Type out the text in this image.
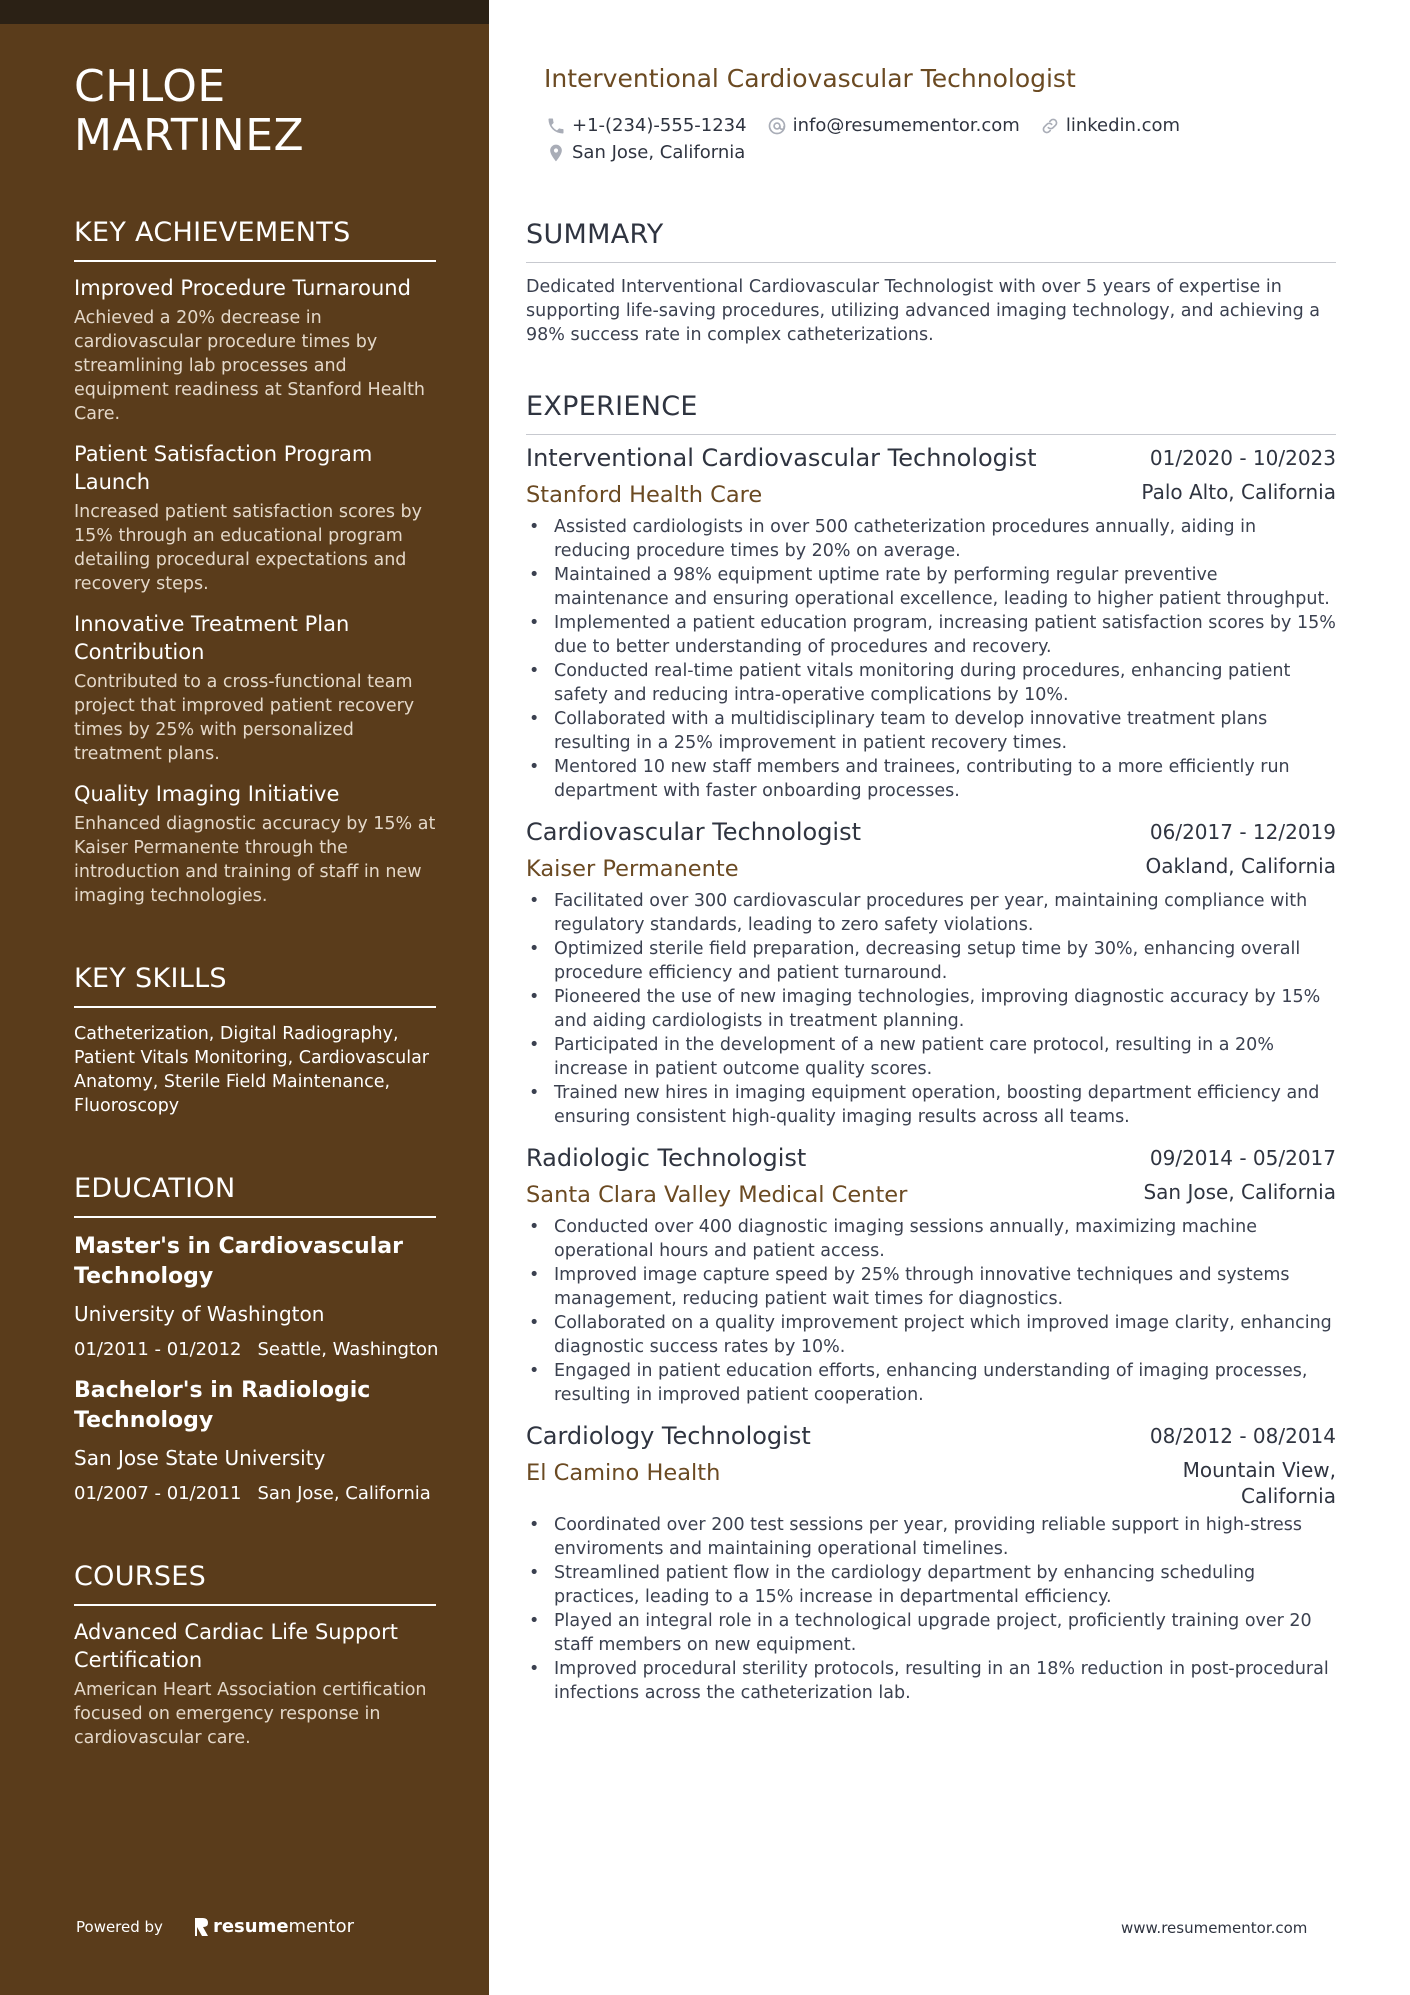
CHLOE
MARTINEZ
KEY ACHIEVEMENTS
Improved Procedure Turnaround
Achieved a 20% decrease in cardiovascular procedure times by streamlining lab processes and equipment readiness at Stanford Health Care.
Patient Satisfaction Program Launch
Increased patient satisfaction scores by 15% through an educational program detailing procedural expectations and recovery steps.
Innovative Treatment Plan Contribution
Contributed to a cross-functional team project that improved patient recovery times by 25% with personalized treatment plans.
Quality Imaging Initiative
Enhanced diagnostic accuracy by 15% at Kaiser Permanente through the introduction and training of staff in new imaging technologies.
KEY SKILLS
Catheterization, Digital Radiography, Patient Vitals Monitoring, Cardiovascular Anatomy, Sterile Field Maintenance, Fluoroscopy
EDUCATION
Master's in Cardiovascular Technology
University of Washington
01/2011 - 01/2012 Seattle, Washington
Bachelor's in Radiologic Technology
San Jose State University
01/2007 - 01/2011 San Jose, California
COURSES
Advanced Cardiac Life Support Certification
American Heart Association certification focused on emergency response in cardiovascular care.
Powered by	resumementor
Interventional Cardiovascular Technologist
+1-(234)-555-1234	info@resumementor.com	linkedin.com
San Jose, California
SUMMARY

Dedicated Interventional Cardiovascular Technologist with over 5 years of expertise in supporting life-saving procedures, utilizing advanced imaging technology, and achieving a 98% success rate in complex catheterizations.

EXPERIENCE
Interventional Cardiovascular Technologist	01/2020 - 10/2023
Stanford Health Care	Palo Alto, California
• Assisted cardiologists in over 500 catheterization procedures annually, aiding in reducing procedure times by 20% on average.
• Maintained a 98% equipment uptime rate by performing regular preventive maintenance and ensuring operational excellence, leading to higher patient throughput.
• Implemented a patient education program, increasing patient satisfaction scores by 15% due to better understanding of procedures and recovery.
• Conducted real-time patient vitals monitoring during procedures, enhancing patient safety and reducing intra-operative complications by 10%.
• Collaborated with a multidisciplinary team to develop innovative treatment plans resulting in a 25% improvement in patient recovery times.
• Mentored 10 new staff members and trainees, contributing to a more efficiently run department with faster onboarding processes.
Cardiovascular Technologist	06/2017 - 12/2019
Kaiser Permanente	Oakland, California
• Facilitated over 300 cardiovascular procedures per year, maintaining compliance with regulatory standards, leading to zero safety violations.
• Optimized sterile field preparation, decreasing setup time by 30%, enhancing overall procedure efficiency and patient turnaround.
• Pioneered the use of new imaging technologies, improving diagnostic accuracy by 15% and aiding cardiologists in treatment planning.
• Participated in the development of a new patient care protocol, resulting in a 20% increase in patient outcome quality scores.
• Trained new hires in imaging equipment operation, boosting department efficiency and ensuring consistent high-quality imaging results across all teams.
Radiologic Technologist	09/2014 - 05/2017
Santa Clara Valley Medical Center	San Jose, California
• Conducted over 400 diagnostic imaging sessions annually, maximizing machine operational hours and patient access.
• Improved image capture speed by 25% through innovative techniques and systems management, reducing patient wait times for diagnostics.
• Collaborated on a quality improvement project which improved image clarity, enhancing diagnostic success rates by 10%.
• Engaged in patient education efforts, enhancing understanding of imaging processes, resulting in improved patient cooperation.
Cardiology Technologist	08/2012 - 08/2014
El Camino Health	Mountain View, California
• Coordinated over 200 test sessions per year, providing reliable support in high-stress enviroments and maintaining operational timelines.
• Streamlined patient flow in the cardiology department by enhancing scheduling practices, leading to a 15% increase in departmental efficiency.
• Played an integral role in a technological upgrade project, proficiently training over 20 staff members on new equipment.
• Improved procedural sterility protocols, resulting in an 18% reduction in post-procedural infections across the catheterization lab.
www.resumementor.com
